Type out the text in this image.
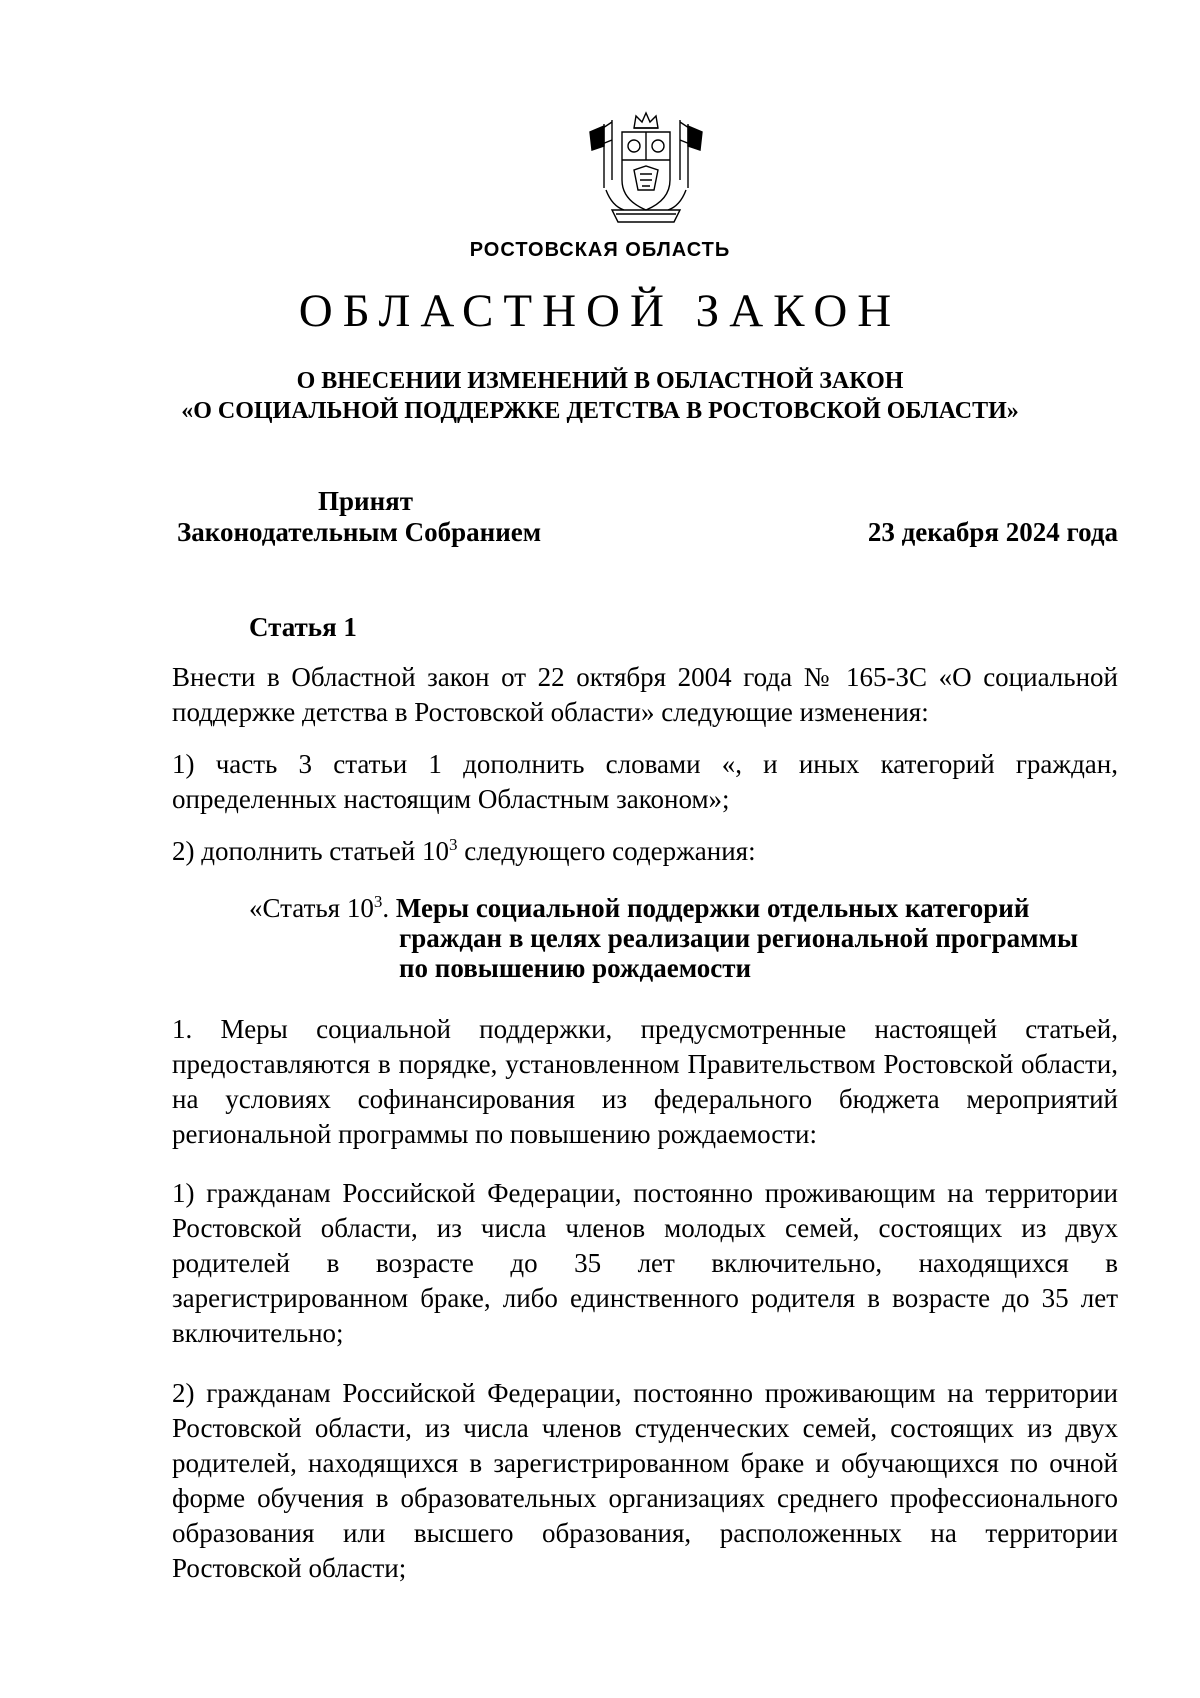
РОСТОВСКАЯ ОБЛАСТЬ
ОБЛАСТНОЙ ЗАКОН
О ВНЕСЕНИИ ИЗМЕНЕНИЙ В ОБЛАСТНОЙ ЗАКОН
«О СОЦИАЛЬНОЙ ПОДДЕРЖКЕ ДЕТСТВА В РОСТОВСКОЙ ОБЛАСТИ»
Принят
Законодательным Собранием	23 декабря 2024 года
Статья 1
Внести в Областной закон от 22 октября 2004 года № 165-ЗС «О социальной поддержке детства в Ростовской области» следующие изменения:
1) часть 3 статьи 1 дополнить словами «, и иных категорий граждан, определенных настоящим Областным законом»;
2) дополнить статьей $10^3$ следующего содержания:
«Статья $10^3$. Меры социальной поддержки отдельных категорий
граждан в целях реализации региональной программы
по повышению рождаемости
1. Меры социальной поддержки, предусмотренные настоящей статьей, предоставляются в порядке, установленном Правительством Ростовской области, на условиях софинансирования из федерального бюджета мероприятий региональной программы по повышению рождаемости:
1) гражданам Российской Федерации, постоянно проживающим на территории Ростовской области, из числа членов молодых семей, состоящих из двух родителей в возрасте до 35 лет включительно, находящихся в зарегистрированном браке, либо единственного родителя в возрасте до 35 лет включительно;
2) гражданам Российской Федерации, постоянно проживающим на территории Ростовской области, из числа членов студенческих семей, состоящих из двух родителей, находящихся в зарегистрированном браке и обучающихся по очной форме обучения в образовательных организациях среднего профессионального образования или высшего образования, расположенных на территории Ростовской области;
